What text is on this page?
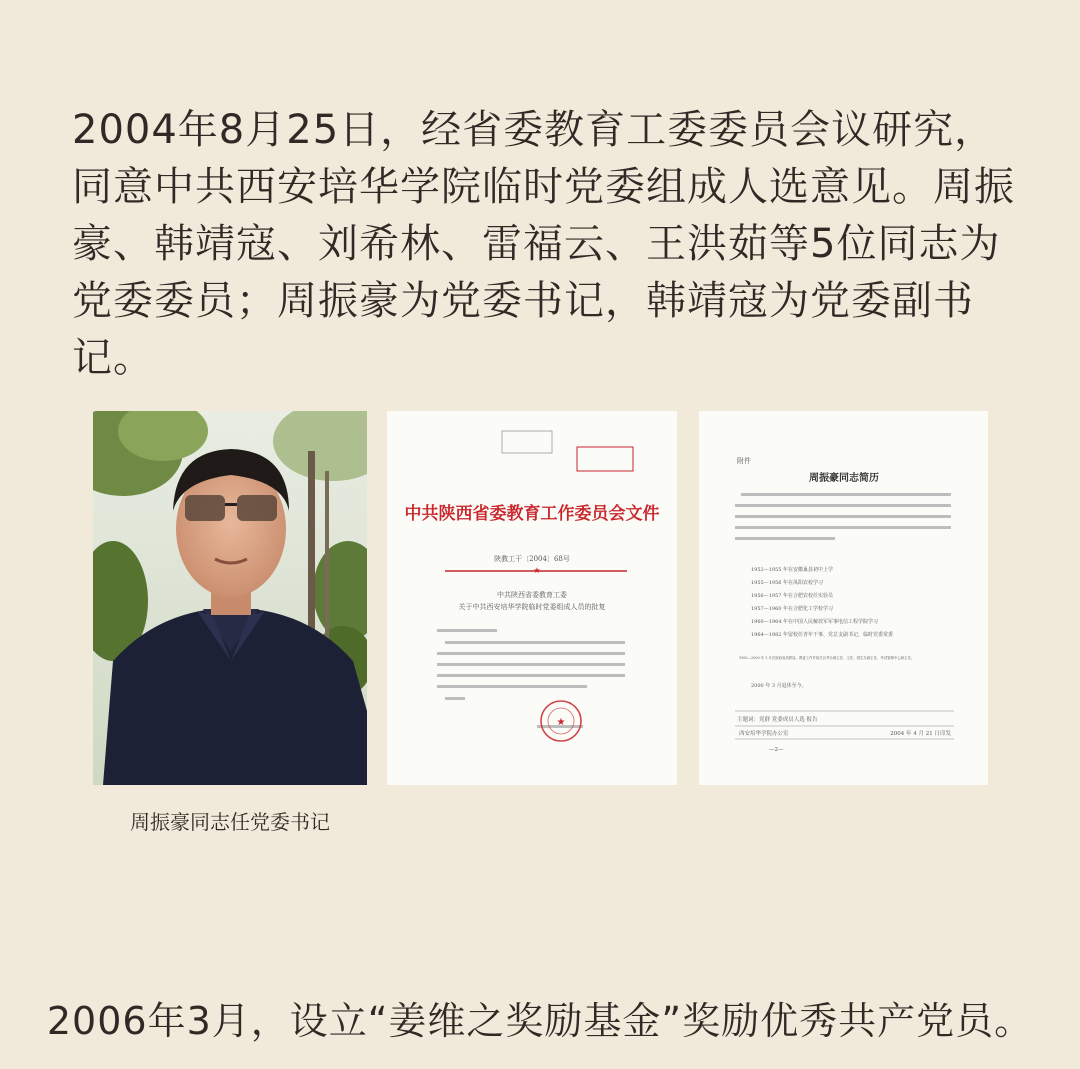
2004年8月25日，经省委教育工委委员会议研究，同意中共西安培华学院临时党委组成人选意见。周振豪、韩靖寇、刘希林、雷福云、王洪茹等5位同志为党委委员；周振豪为党委书记，韩靖寇为党委副书记。

周振豪同志任党委书记
中共陕西省委教育工作委员会文件
陕教工干〔2004〕68号
★
中共陕西省委教育工委
关于中共西安培华学院临时党委组成人员的批复
★
附件
周振豪同志简历
1952—1955 年在安徽巢县初中上学
1955—1956 年在凤阳农校学习
1956—1957 年在合肥农校任实验员
1957—1960 年在合肥化工学校学习
1960—1964 年在中国人民解放军军事电信工程学院学习
1964—1982 年留校任青年干事、党总支副书记，临时党委常委
1982—2000 年 3 月在陕西省高教局、教委工作并担任自考办副主任、主任、招生办副主任、考试管理中心副主任。
2000 年 3 月退休至今。
主题词：党群 党委成员人选 报告
西安培华学院办公室	2004 年 4 月 21 日印发
—2—

2006年3月，设立“姜维之奖励基金”奖励优秀共产党员。
